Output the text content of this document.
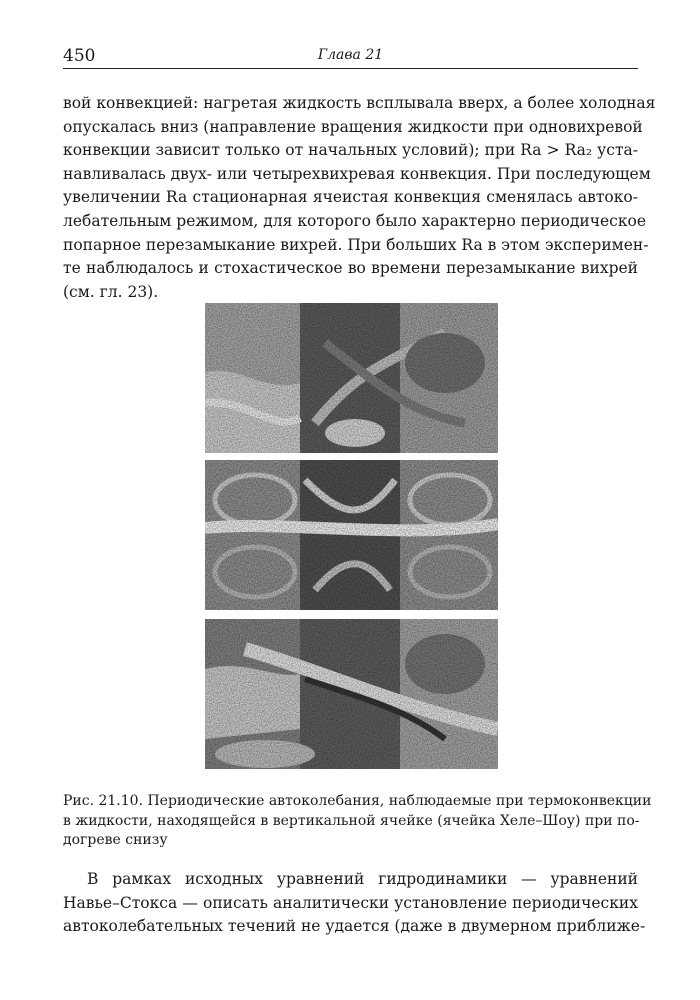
450	Глава 21
вой конвекцией: нагретая жидкость всплывала вверх, а более холодная
опускалась вниз (направление вращения жидкости при одновихревой
конвекции зависит только от начальных условий); при Ra > Ra₂ уста-
навливалась двух- или четырехвихревая конвекция. При последующем
увеличении Ra стационарная ячеистая конвекция сменялась автоко-
лебательным режимом, для которого было характерно периодическое
попарное перезамыкание вихрей. При больших Ra в этом эксперимен-
те наблюдалось и стохастическое во времени перезамыкание вихрей
(см. гл. 23).
Рис. 21.10. Периодические автоколебания, наблюдаемые при термоконвекции
в жидкости, находящейся в вертикальной ячейке (ячейка Хеле–Шоу) при по-
догреве снизу
В рамках исходных уравнений гидродинамики — уравнений
Навье–Стокса — описать аналитически установление периодических
автоколебательных течений не удается (даже в двумерном приближе-
